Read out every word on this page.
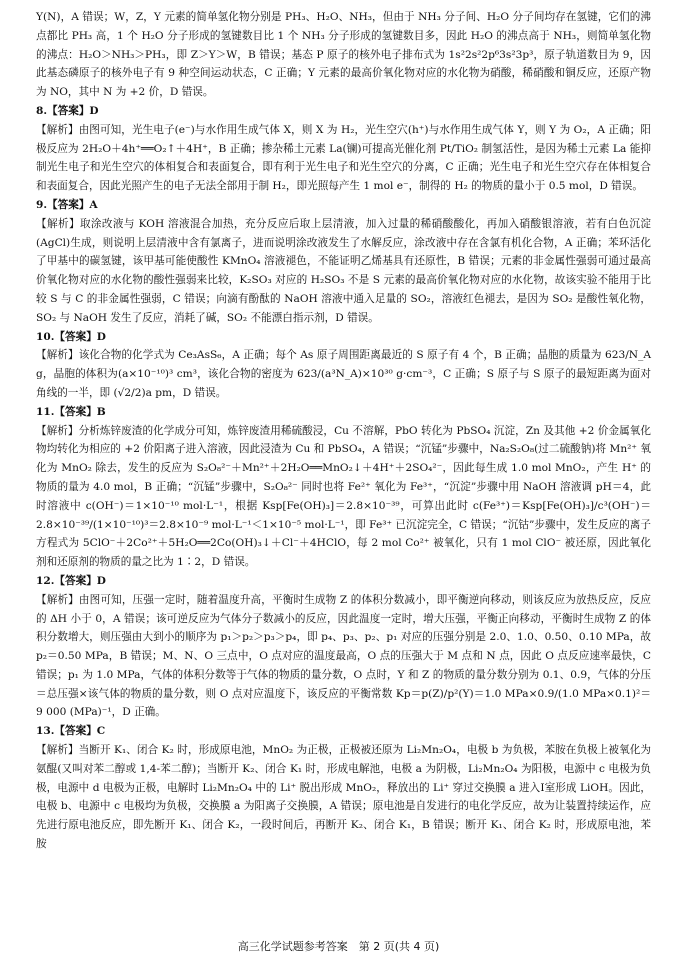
Y(N)，A 错误；W，Z，Y 元素的简单氢化物分别是 PH₃、H₂O、NH₃，但由于 NH₃ 分子间、H₂O 分子间均存在氢键，它们的沸点都比 PH₃ 高，1 个 H₂O 分子形成的氢键数目比 1 个 NH₃ 分子形成的氢键数目多，因此 H₂O 的沸点高于 NH₃，则简单氢化物的沸点：H₂O＞NH₃＞PH₃，即 Z＞Y＞W，B 错误；基态 P 原子的核外电子排布式为 1s²2s²2p⁶3s²3p³，原子轨道数目为 9，因此基态磷原子的核外电子有 9 种空间运动状态，C 正确；Y 元素的最高价氧化物对应的水化物为硝酸，稀硝酸和铜反应，还原产物为 NO，其中 N 为 +2 价，D 错误。

8.【答案】D

【解析】由图可知，光生电子(e⁻)与水作用生成气体 X，则 X 为 H₂，光生空穴(h⁺)与水作用生成气体 Y，则 Y 为 O₂，A 正确；阳极反应为 2H₂O＋4h⁺══O₂↑＋4H⁺，B 正确；掺杂稀土元素 La(镧)可提高光催化剂 Pt/TiO₂ 制氢活性，是因为稀土元素 La 能抑制光生电子和光生空穴的体相复合和表面复合，即有利于光生电子和光生空穴的分离，C 正确；光生电子和光生空穴存在体相复合和表面复合，因此光照产生的电子无法全部用于制 H₂，即光照每产生 1 mol e⁻，制得的 H₂ 的物质的量小于 0.5 mol，D 错误。

9.【答案】A

【解析】取涂改液与 KOH 溶液混合加热，充分反应后取上层清液，加入过量的稀硝酸酸化，再加入硝酸银溶液，若有白色沉淀(AgCl)生成，则说明上层清液中含有氯离子，进而说明涂改液发生了水解反应，涂改液中存在含氯有机化合物，A 正确；苯环活化了甲基中的碳氢键，该甲基可能使酸性 KMnO₄ 溶液褪色，不能证明乙烯基具有还原性，B 错误；元素的非金属性强弱可通过最高价氧化物对应的水化物的酸性强弱来比较，K₂SO₃ 对应的 H₂SO₃ 不是 S 元素的最高价氧化物对应的水化物，故该实验不能用于比较 S 与 C 的非金属性强弱，C 错误；向滴有酚酞的 NaOH 溶液中通入足量的 SO₂，溶液红色褪去，是因为 SO₂ 是酸性氧化物，SO₂ 与 NaOH 发生了反应，消耗了碱，SO₂ 不能漂白指示剂，D 错误。

10.【答案】D

【解析】该化合物的化学式为 Ce₃AsS₆，A 正确；每个 As 原子周围距离最近的 S 原子有 4 个，B 正确；晶胞的质量为 623/N_A g，晶胞的体积为(a×10⁻¹⁰)³ cm³，该化合物的密度为 623/(a³N_A)×10³⁰ g·cm⁻³，C 正确；S 原子与 S 原子的最短距离为面对角线的一半，即 (√2/2)a pm，D 错误。

11.【答案】B

【解析】分析炼锌废渣的化学成分可知，炼锌废渣用稀硫酸浸，Cu 不溶解，PbO 转化为 PbSO₄ 沉淀，Zn 及其他 +2 价金属氧化物均转化为相应的 +2 价阳离子进入溶液，因此浸渣为 Cu 和 PbSO₄，A 错误；“沉锰”步骤中，Na₂S₂O₈(过二硫酸钠)将 Mn²⁺ 氧化为 MnO₂ 除去，发生的反应为 S₂O₈²⁻＋Mn²⁺＋2H₂O══MnO₂↓＋4H⁺＋2SO₄²⁻，因此每生成 1.0 mol MnO₂，产生 H⁺ 的物质的量为 4.0 mol，B 正确；“沉锰”步骤中，S₂O₈²⁻ 同时也将 Fe²⁺ 氧化为 Fe³⁺，“沉淀”步骤中用 NaOH 溶液调 pH＝4，此时溶液中 c(OH⁻)＝1×10⁻¹⁰ mol·L⁻¹，根据 Ksp[Fe(OH)₃]＝2.8×10⁻³⁹，可算出此时 c(Fe³⁺)＝Ksp[Fe(OH)₃]/c³(OH⁻)＝2.8×10⁻³⁹/(1×10⁻¹⁰)³＝2.8×10⁻⁹ mol·L⁻¹＜1×10⁻⁵ mol·L⁻¹，即 Fe³⁺ 已沉淀完全，C 错误；“沉钴”步骤中，发生反应的离子方程式为 5ClO⁻＋2Co²⁺＋5H₂O══2Co(OH)₃↓＋Cl⁻＋4HClO，每 2 mol Co²⁺ 被氧化，只有 1 mol ClO⁻ 被还原，因此氧化剂和还原剂的物质的量之比为 1∶2，D 错误。

12.【答案】D

【解析】由图可知，压强一定时，随着温度升高，平衡时生成物 Z 的体积分数减小，即平衡逆向移动，则该反应为放热反应，反应的 ΔH 小于 0，A 错误；该可逆反应为气体分子数减小的反应，因此温度一定时，增大压强，平衡正向移动，平衡时生成物 Z 的体积分数增大，则压强由大到小的顺序为 p₁＞p₂＞p₃＞p₄，即 p₄、p₃、p₂、p₁ 对应的压强分别是 2.0、1.0、0.50、0.10 MPa，故 p₂＝0.50 MPa，B 错误；M、N、O 三点中，O 点对应的温度最高，O 点的压强大于 M 点和 N 点，因此 O 点反应速率最快，C 错误；p₁ 为 1.0 MPa，气体的体积分数等于气体的物质的量分数，O 点时，Y 和 Z 的物质的量分数分别为 0.1、0.9，气体的分压＝总压强×该气体的物质的量分数，则 O 点对应温度下，该反应的平衡常数 Kp＝p(Z)/p²(Y)＝1.0 MPa×0.9/(1.0 MPa×0.1)²＝9 000 (MPa)⁻¹，D 正确。

13.【答案】C

【解析】当断开 K₁、闭合 K₂ 时，形成原电池，MnO₂ 为正极，正极被还原为 Li₂Mn₂O₄，电极 b 为负极，苯胺在负极上被氧化为氨醌(又叫对苯二醇或 1,4-苯二醇)；当断开 K₂、闭合 K₁ 时，形成电解池，电极 a 为阴极，Li₂Mn₂O₄ 为阳极，电源中 c 电极为负极，电源中 d 电极为正极，电解时 Li₂Mn₂O₄ 中的 Li⁺ 脱出形成 MnO₂，释放出的 Li⁺ 穿过交换膜 a 进入Ⅰ室形成 LiOH。因此，电极 b、电源中 c 电极均为负极，交换膜 a 为阳离子交换膜，A 错误；原电池是自发进行的电化学反应，故为让装置持续运作，应先进行原电池反应，即先断开 K₁、闭合 K₂，一段时间后，再断开 K₂、闭合 K₁，B 错误；断开 K₁、闭合 K₂ 时，形成原电池，苯胺

高三化学试题参考答案　第 2 页(共 4 页)
